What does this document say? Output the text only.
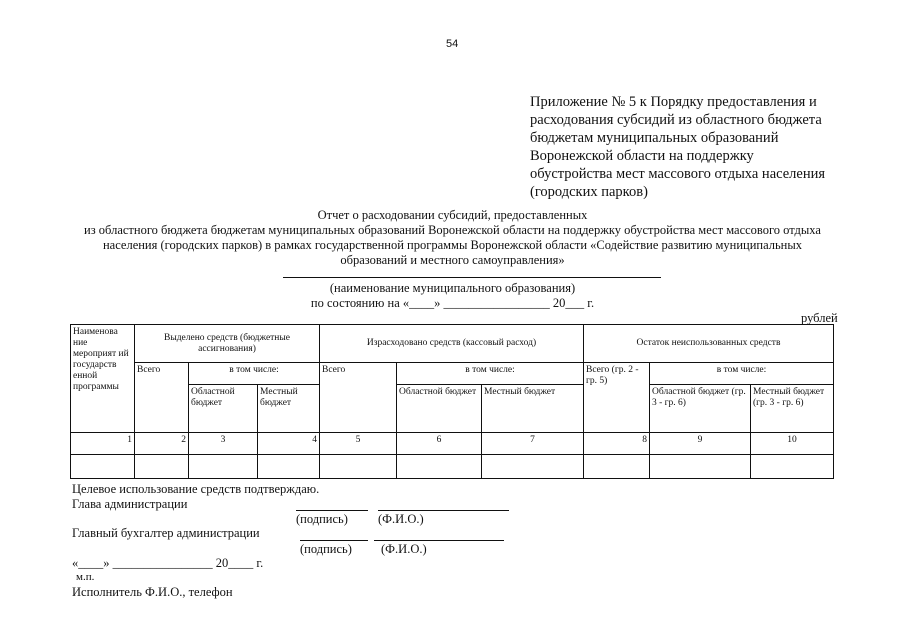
54
Приложение № 5 к Порядку предоставления и
расходования субсидий из областного бюджета
бюджетам муниципальных образований
Воронежской области на поддержку
обустройства мест массового отдыха населения
(городских парков)
Отчет о расходовании субсидий, предоставленных
из областного бюджета бюджетам муниципальных образований Воронежской области на поддержку обустройства мест массового отдыха
населения (городских парков) в рамках государственной программы Воронежской области «Содействие развитию муниципальных
образований и местного самоуправления»
(наименование муниципального образования)
по состоянию на «____» _________________ 20___ г.
рублей
Наименова ние мероприят ий государств енной программы	Выделено средств (бюджетные ассигнования)			Израсходовано средств (кассовый расход)			Остаток неиспользованных средств		
	Всего	в том числе:		Всего	в том числе:		Всего (гр. 2 - гр. 5)	в том числе:	
		Областной бюджет	Местный бюджет		Областной бюджет	Местный бюджет		Областной бюджет (гр. 3 - гр. 6)	Местный бюджет (гр. 3 - гр. 6)
1	2	3	4	5	6	7	8	9	10

Целевое использование средств подтверждаю.
Глава администрации
(подпись) (Ф.И.О.)
Главный бухгалтер администрации
(подпись) (Ф.И.О.)
«____» ________________ 20____ г.
м.п.
Исполнитель Ф.И.О., телефон
